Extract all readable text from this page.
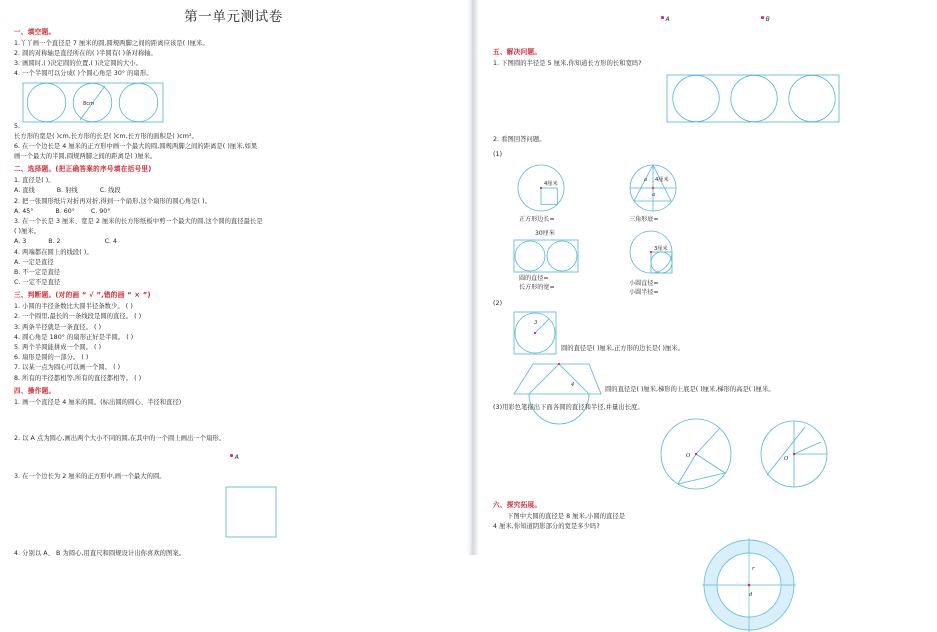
第一单元测试卷
一、填空题。

1.丫丫画一个直径是 7 厘米的圆,圆规两脚之间的距离应该是( )厘米。

2. 圆的对称轴是直径所在的( )半圆有( )条对称轴。

3. 画圆时,( )决定圆的位置,( )决定圆的大小。

4. 一个半圆可以分成( )个圆心角是 30° 的扇形。

8cm

5.

长方形的宽是( )cm,长方形的长是( )cm,长方形的面积是( )cm²。

6. 在一个边长是 4 厘米的正方形中画一个最大的圆,圆规两脚之间的距离是( )厘米,如果

画一个最大的半圆,圆规两脚之间的距离是( )厘米。

二、选择题。(把正确答案的序号填在括号里)

1. 直径是( )。

A. 直线	B. 射线	C. 线段

2. 把一张圆形纸片对折再对折,得到一个扇形,这个扇形的圆心角是( )。

A. 45°	B. 60°	C. 90°

3. 在一个长是 3 厘米、宽是 2 厘米的长方形纸板中剪一个最大的圆,这个圆的直径最长是

( )厘米。

A. 3	B. 2	C. 4

4. 两端都在圆上的线段( )。

A. 一定是直径

B. 不一定是直径

C. 一定不是直径

三、判断题。(对的画 “ √ ”,错的画 “ × ”)

1. 小圆的半径条数比大圆半径条数少。 ( )

2. 一个圆里,最长的一条线段是圆的直径。 ( )

3. 两条半径就是一条直径。 ( )

4. 圆心角是 180° 的扇形正好是半圆。 ( )

5. 两个半圆能拼成一个圆。 ( )

6. 扇形是圆的一部分。 ( )

7. 以某一点为圆心可以画一个圆。 ( )

8. 所有的半径都相等,所有的直径都相等。 ( )

四、操作题。

1. 画一个直径是 4 厘米的圆。(标出圆的圆心、半径和直径)

2. 以 A 点为圆心,画出两个大小不同的圆,在其中的一个圆上画出一个扇形。

A

3. 在一个边长为 2 厘米的正方形中,画一个最大的圆。

4. 分别以 A、 B 为圆心,用直尺和圆规设计出你喜欢的图案。

A	B
五、解决问题。

1. 下图圆的半径是 5 厘米,你知道长方形的长和宽吗?

2. 看图回答问题。

(1)

4厘米
正方形边长=
a 4厘米
a
三角形底=
30厘米
圆的直径=
长方形的宽=
3厘米
小圆直径=
小圆半径=

(2)

3
圆的直径是( )厘米,正方形的边长是( )厘米。
4
圆的直径是( )厘米,梯形的上底是( )厘米,梯形的高是( )厘米。

(3)用彩色笔描出下面各圆的直径和半径,并量出长度。

O	O
六、探究拓展。

下图中大圆的直径是 8 厘米,小圆的直径是

4 厘米,你知道阴影部分的宽是多少吗?

r
d
